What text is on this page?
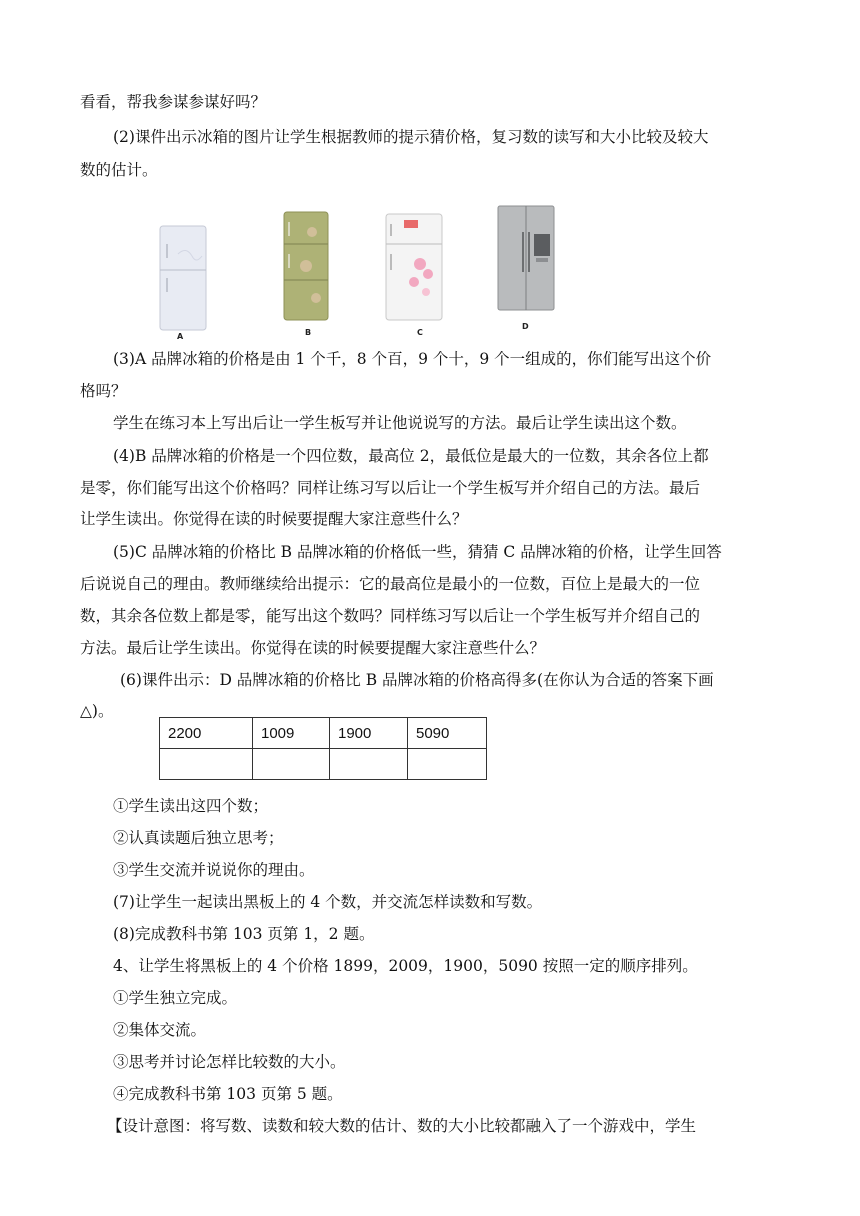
看看，帮我参谋参谋好吗？
(2)课件出示冰箱的图片让学生根据教师的提示猜价格，复习数的读写和大小比较及较大
数的估计。
A	B	C
D
(3)A 品牌冰箱的价格是由 1 个千，8 个百，9 个十，9 个一组成的，你们能写出这个价
格吗？
学生在练习本上写出后让一学生板写并让他说说写的方法。最后让学生读出这个数。
(4)B 品牌冰箱的价格是一个四位数，最高位 2，最低位是最大的一位数，其余各位上都
是零，你们能写出这个价格吗？同样让练习写以后让一个学生板写并介绍自己的方法。最后
让学生读出。你觉得在读的时候要提醒大家注意些什么？
(5)C 品牌冰箱的价格比 B 品牌冰箱的价格低一些，猜猜 C 品牌冰箱的价格，让学生回答
后说说自己的理由。教师继续给出提示：它的最高位是最小的一位数，百位上是最大的一位
数，其余各位数上都是零，能写出这个数吗？同样练习写以后让一个学生板写并介绍自己的
方法。最后让学生读出。你觉得在读的时候要提醒大家注意些什么？
(6)课件出示：D 品牌冰箱的价格比 B 品牌冰箱的价格高得多(在你认为合适的答案下画
△)。
2200	1009	1900	5090

①学生读出这四个数；
②认真读题后独立思考；
③学生交流并说说你的理由。
(7)让学生一起读出黑板上的 4 个数，并交流怎样读数和写数。
(8)完成教科书第 103 页第 1，2 题。
4、让学生将黑板上的 4 个价格 1899，2009，1900，5090 按照一定的顺序排列。
①学生独立完成。
②集体交流。
③思考并讨论怎样比较数的大小。
④完成教科书第 103 页第 5 题。
【设计意图：将写数、读数和较大数的估计、数的大小比较都融入了一个游戏中，学生
